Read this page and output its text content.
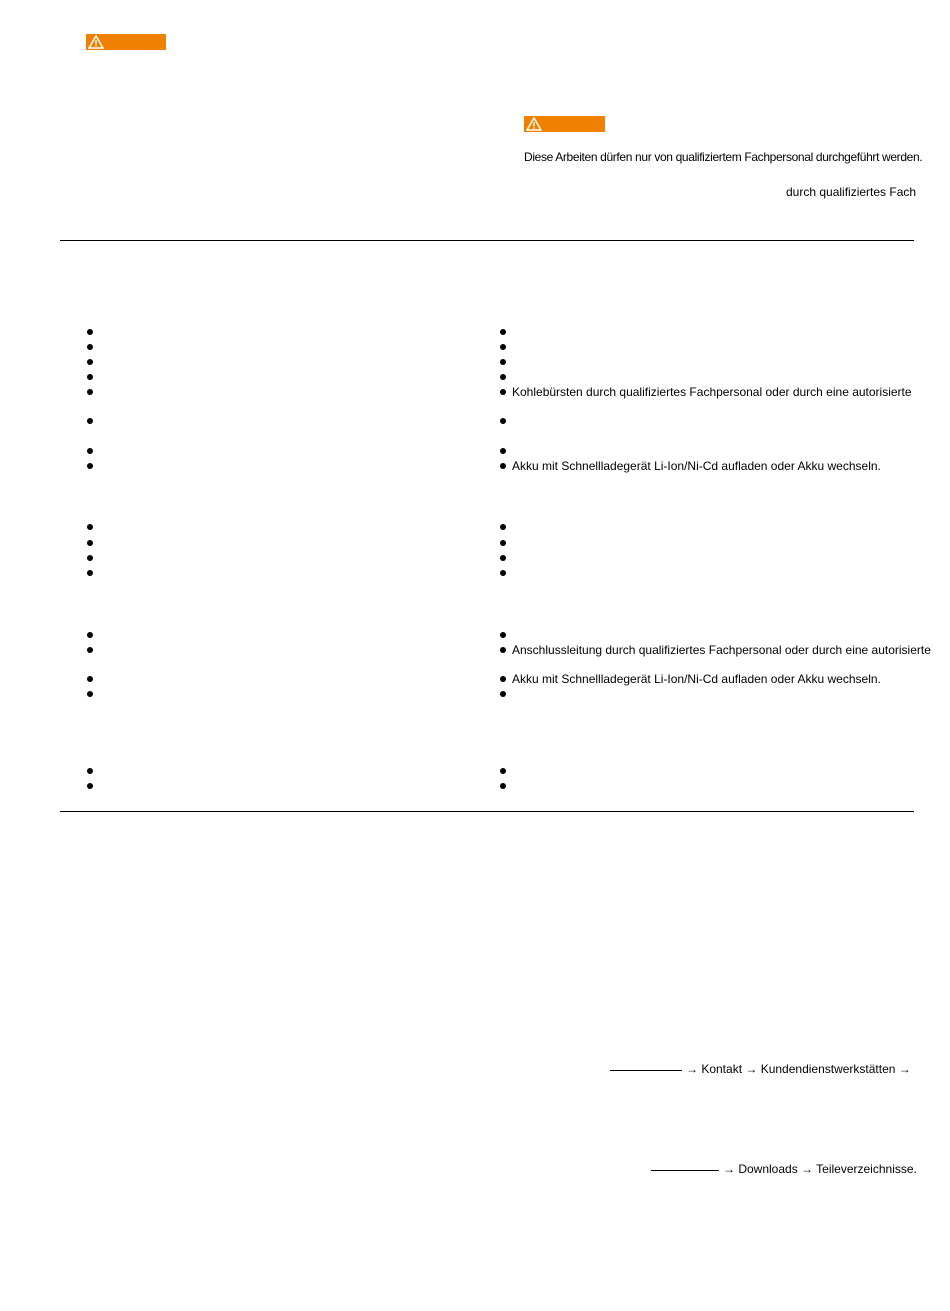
Diese Arbeiten dürfen nur von qualifiziertem Fachpersonal durchgeführt werden.
durch qualifiziertes Fach
Kohlebürsten durch qualifiziertes Fachpersonal oder durch eine autorisierte
Akku mit Schnellladegerät Li-Ion/Ni-Cd aufladen oder Akku wechseln.
Anschlussleitung durch qualifiziertes Fachpersonal oder durch eine autorisierte
Akku mit Schnellladegerät Li-Ion/Ni-Cd aufladen oder Akku wechseln.
→ Kontakt → Kundendienstwerkstätten →
→ Downloads → Teileverzeichnisse.
